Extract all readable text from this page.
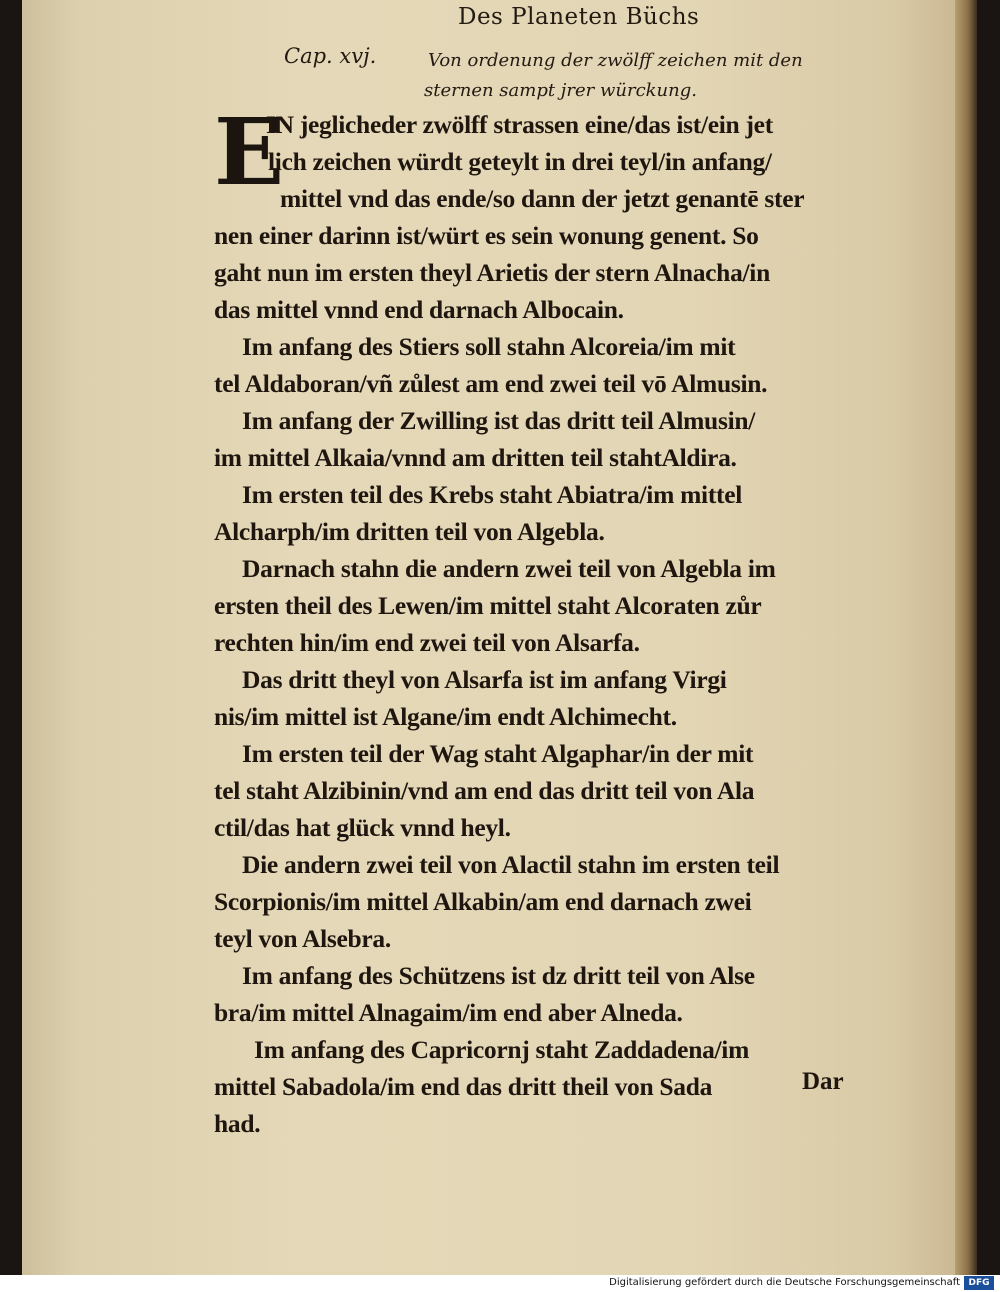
Des Planeten Büchs
Cap. xvj.	Von ordenung der zwölff zeichen mit den
sternen sampt jrer würckung.
E
IN jeglicheder zwölff strassen eine/das ist/ein jet
lich zeichen würdt geteylt in drei teyl/in anfang/
mittel vnd das ende/so dann der jetzt genantē ster
nen einer darinn ist/würt es sein wonung genent. So
gaht nun im ersten theyl Arietis der stern Alnacha/in
das mittel vnnd end darnach Albocain.
Im anfang des Stiers soll stahn Alcoreia/im mit
tel Aldaboran/vñ zůlest am end zwei teil vō Almusin.
Im anfang der Zwilling ist das dritt teil Almusin/
im mittel Alkaia/vnnd am dritten teil stahtAldira.
Im ersten teil des Krebs staht Abiatra/im mittel
Alcharph/im dritten teil von Algebla.
Darnach stahn die andern zwei teil von Algebla im
ersten theil des Lewen/im mittel staht Alcoraten zůr
rechten hin/im end zwei teil von Alsarfa.
Das dritt theyl von Alsarfa ist im anfang Virgi
nis/im mittel ist Algane/im endt Alchimecht.
Im ersten teil der Wag staht Algaphar/in der mit
tel staht Alzibinin/vnd am end das dritt teil von Ala
ctil/das hat glück vnnd heyl.
Die andern zwei teil von Alactil stahn im ersten teil
Scorpionis/im mittel Alkabin/am end darnach zwei
teyl von Alsebra.
Im anfang des Schützens ist dz dritt teil von Alse
bra/im mittel Alnagaim/im end aber Alneda.
Im anfang des Capricornj staht Zaddadena/im
mittel Sabadola/im end das dritt theil von Sada
had.
Dar
Digitalisierung gefördert durch die Deutsche Forschungsgemeinschaft DFG
